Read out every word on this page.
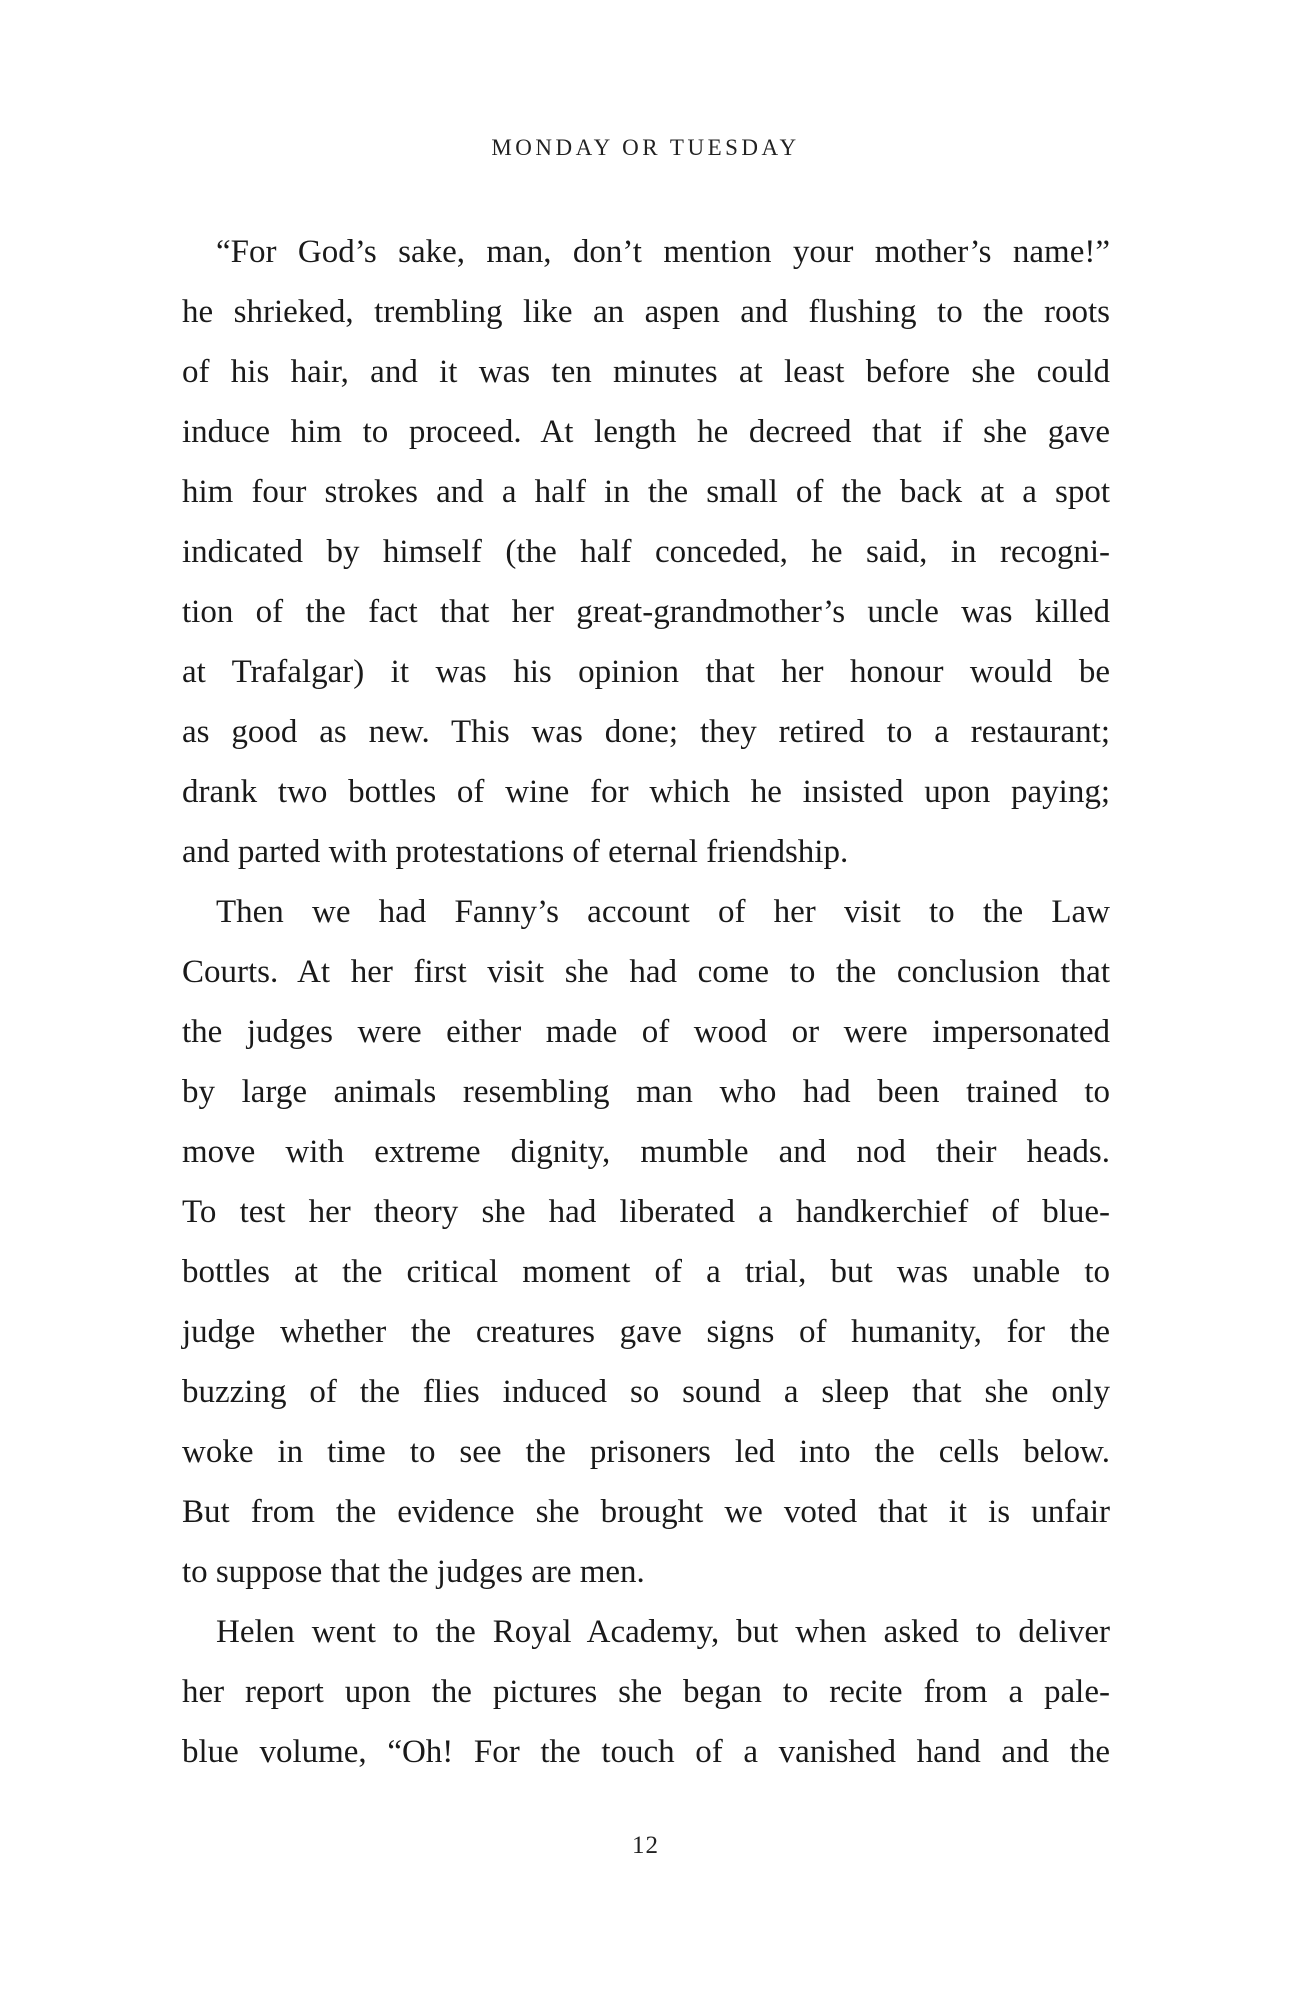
MONDAY OR TUESDAY
“For God’s sake, man, don’t mention your mother’s name!”
he shrieked, trembling like an aspen and flushing to the roots
of his hair, and it was ten minutes at least before she could
induce him to proceed. At length he decreed that if she gave
him four strokes and a half in the small of the back at a spot
indicated by himself (the half conceded, he said, in recogni-
tion of the fact that her great-grandmother’s uncle was killed
at Trafalgar) it was his opinion that her honour would be
as good as new. This was done; they retired to a restaurant;
drank two bottles of wine for which he insisted upon paying;
and parted with protestations of eternal friendship.
Then we had Fanny’s account of her visit to the Law
Courts. At her first visit she had come to the conclusion that
the judges were either made of wood or were impersonated
by large animals resembling man who had been trained to
move with extreme dignity, mumble and nod their heads.
To test her theory she had liberated a handkerchief of blue-
bottles at the critical moment of a trial, but was unable to
judge whether the creatures gave signs of humanity, for the
buzzing of the flies induced so sound a sleep that she only
woke in time to see the prisoners led into the cells below.
But from the evidence she brought we voted that it is unfair
to suppose that the judges are men.
Helen went to the Royal Academy, but when asked to deliver
her report upon the pictures she began to recite from a pale-
blue volume, “Oh! For the touch of a vanished hand and the
12
